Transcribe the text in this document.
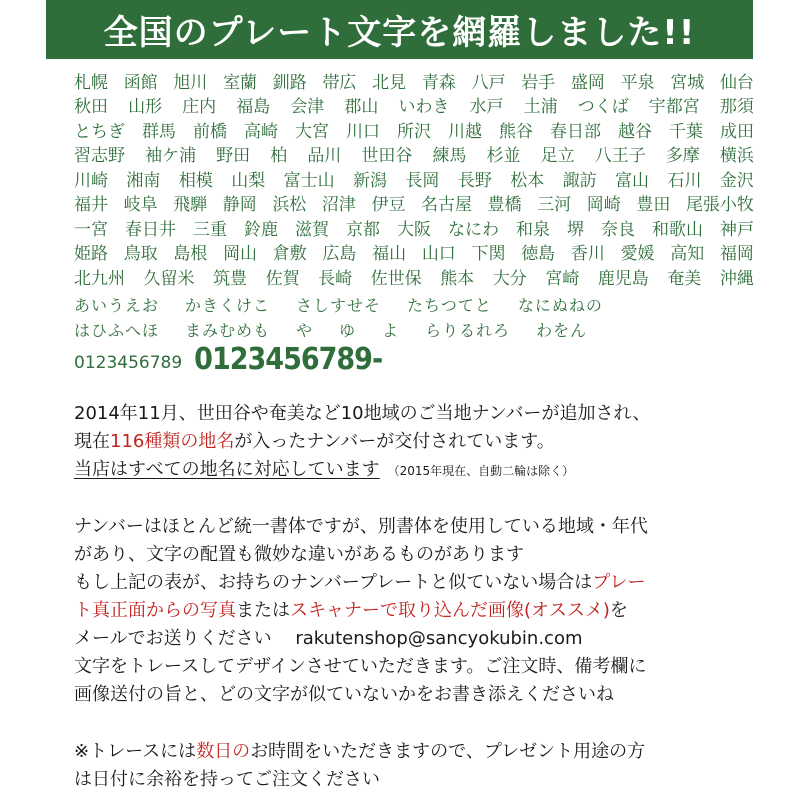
全国のプレート文字を網羅しました!!
札幌 函館 旭川 室蘭 釧路 帯広 北見 青森 八戸 岩手 盛岡 平泉 宮城 仙台
秋田 山形 庄内 福島 会津 郡山 いわき 水戸 土浦 つくば 宇都宮 那須
とちぎ 群馬 前橋 高崎 大宮 川口 所沢 川越 熊谷 春日部 越谷 千葉 成田
習志野 袖ケ浦 野田 柏 品川 世田谷 練馬 杉並 足立 八王子 多摩 横浜
川崎 湘南 相模 山梨 富士山 新潟 長岡 長野 松本 諏訪 富山 石川 金沢
福井 岐阜 飛騨 静岡 浜松 沼津 伊豆 名古屋 豊橋 三河 岡崎 豊田 尾張小牧
一宮 春日井 三重 鈴鹿 滋賀 京都 大阪 なにわ 和泉 堺 奈良 和歌山 神戸
姫路 鳥取 島根 岡山 倉敷 広島 福山 山口 下関 徳島 香川 愛媛 高知 福岡
北九州 久留米 筑豊 佐賀 長崎 佐世保 熊本 大分 宮崎 鹿児島 奄美 沖縄
あいうえお かきくけこ さしすせそ たちつてと なにぬねの
はひふへほ まみむめも や ゆ よ らりるれろ わをん
0123456789 0123456789-
2014年11月、世田谷や奄美など10地域のご当地ナンバーが追加され、
現在116種類の地名が入ったナンバーが交付されています。
当店はすべての地名に対応しています （2015年現在、自動二輪は除く）
ナンバーはほとんど統一書体ですが、別書体を使用している地域・年代
があり、文字の配置も微妙な違いがあるものがあります
もし上記の表が、お持ちのナンバープレートと似ていない場合はプレー
ト真正面からの写真またはスキャナーで取り込んだ画像(オススメ)を
メールでお送りください　 rakutenshop@sancyokubin.com
文字をトレースしてデザインさせていただきます。ご注文時、備考欄に
画像送付の旨と、どの文字が似ていないかをお書き添えくださいね
※トレースには数日のお時間をいただきますので、プレゼント用途の方
は日付に余裕を持ってご注文ください
